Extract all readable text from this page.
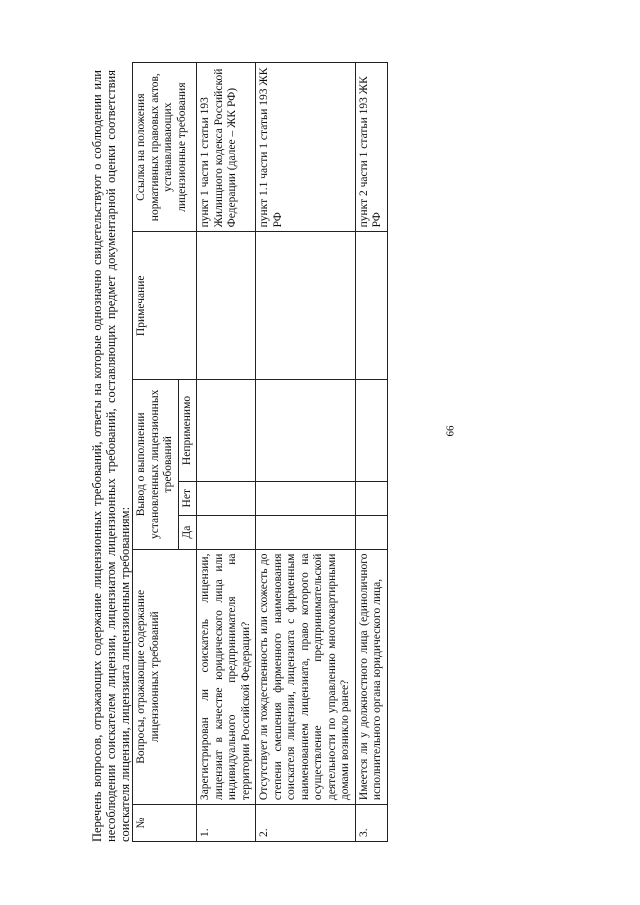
66

Перечень вопросов, отражающих содержание лицензионных требований, ответы на которые однозначно свидетельствуют о соблюдении или несоблюдении соискателем лицензии, лицензиатом лицензионных требований, составляющих предмет документарной оценки соответствия соискателя лицензии, лицензиата лицензионным требованиям: №	Вопросы, отражающие содержание лицензионных требований	Вывод о выполнении установленных лицензионных требований			Примечание	Ссылка на положения нормативных правовых актов, устанавливающих лицензионные требования
		Да	Нет	Неприменимо		
1.	Зарегистрирован ли соискатель лицензии, лицензиат в качестве юридического лица или индивидуального предпринимателя на территории Российской Федерации?					пункт 1 части 1 статьи 193 Жилищного кодекса Российской Федерации (далее – ЖК РФ)
2.	Отсутствует ли тождественность или схожесть до степени смешения фирменного наименования соискателя лицензии, лицензиата с фирменным наименованием лицензиата, право которого на осуществление предпринимательской деятельности по управлению многоквартирными домами возникло ранее?					пункт 1.1 части 1 статьи 193 ЖК РФ
3.	Имеется ли у должностного лица (единоличного исполнительного органа юридического лица,					пункт 2 части 1 статьи 193 ЖК РФ
